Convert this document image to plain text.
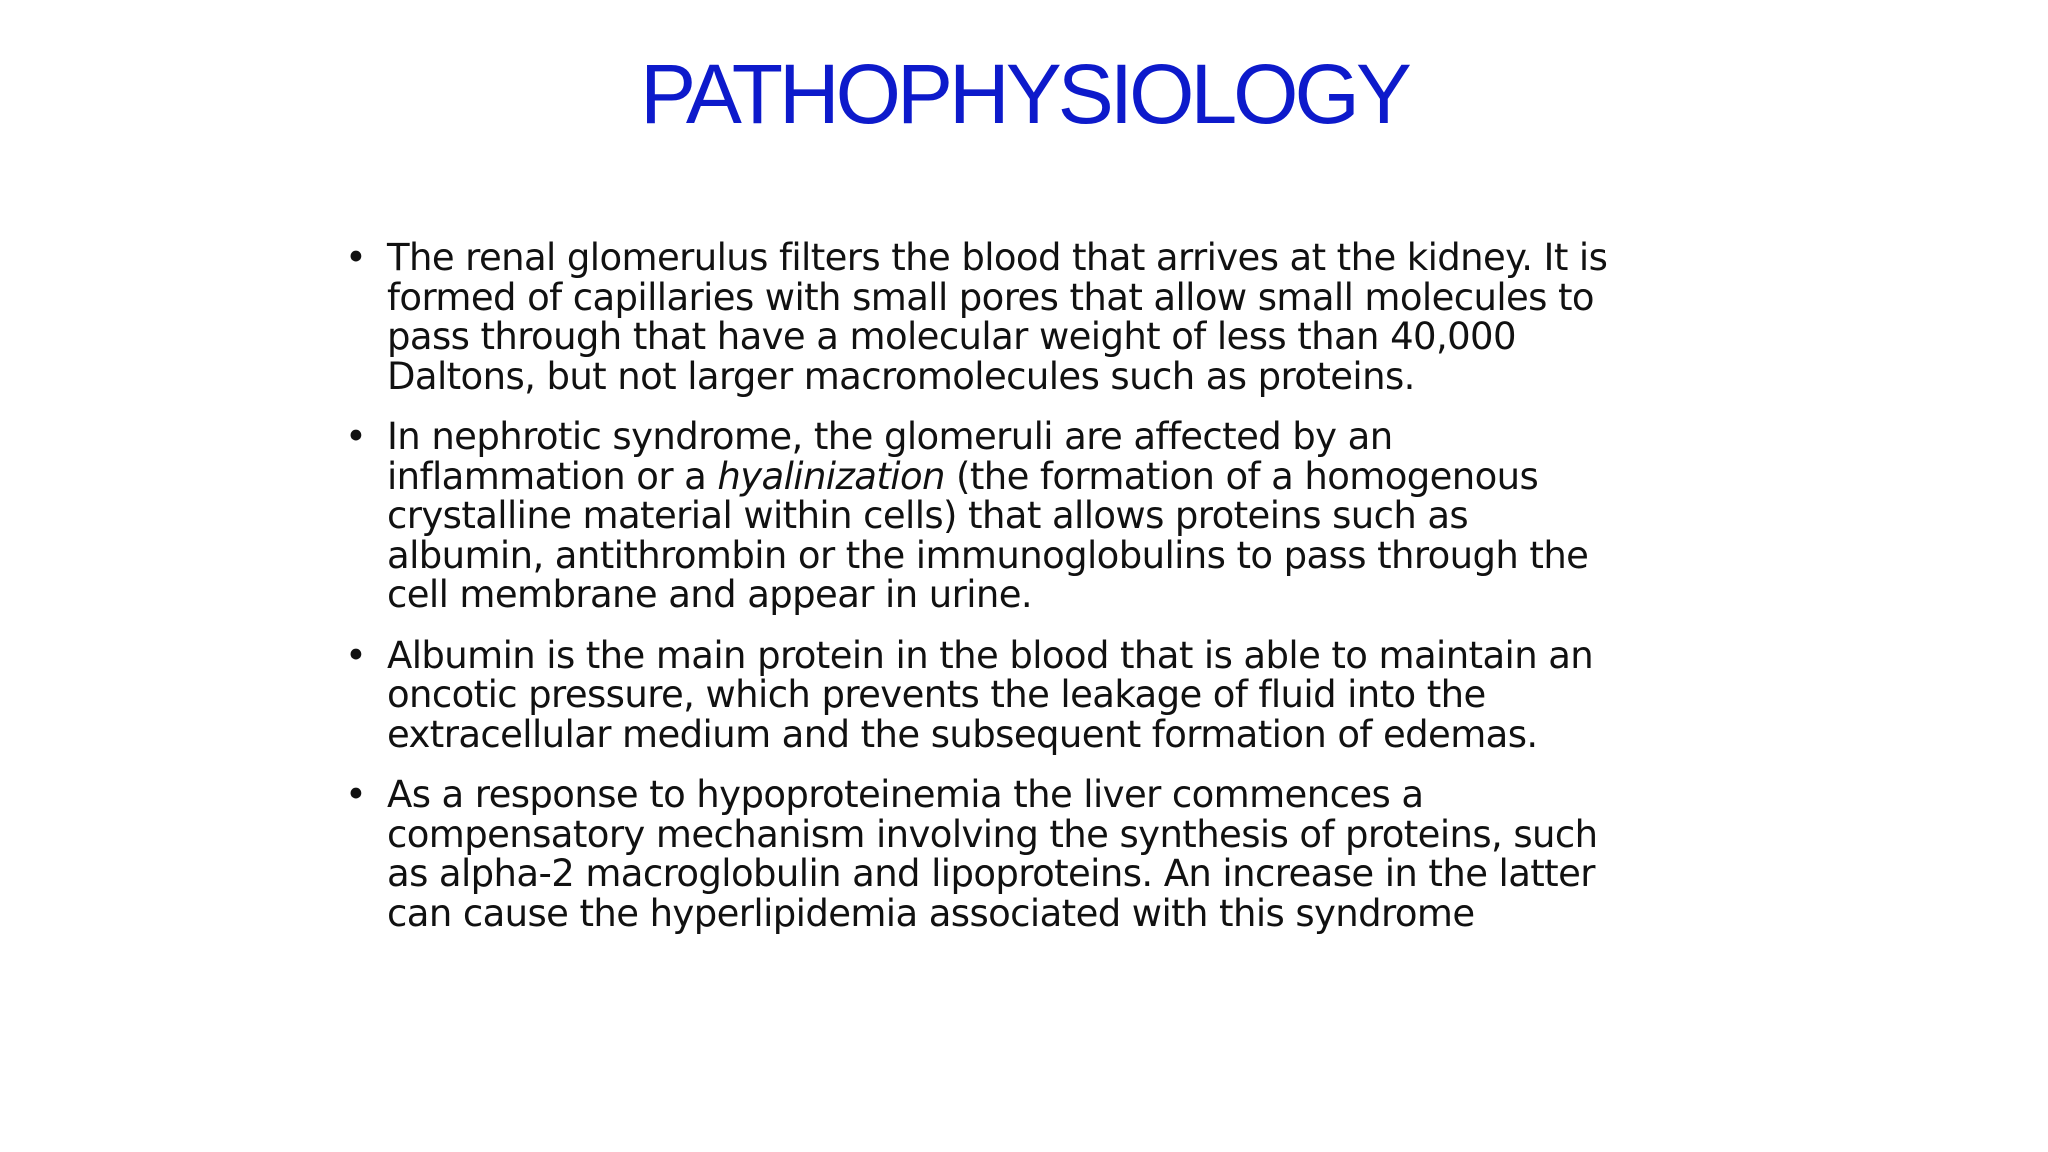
PATHOPHYSIOLOGY
• The renal glomerulus filters the blood that arrives at the kidney. It is
formed of capillaries with small pores that allow small molecules to
pass through that have a molecular weight of less than 40,000
Daltons, but not larger macromolecules such as proteins.
• In nephrotic syndrome, the glomeruli are affected by an
inflammation or a hyalinization (the formation of a homogenous
crystalline material within cells) that allows proteins such as
albumin, antithrombin or the immunoglobulins to pass through the
cell membrane and appear in urine.
• Albumin is the main protein in the blood that is able to maintain an
oncotic pressure, which prevents the leakage of fluid into the
extracellular medium and the subsequent formation of edemas.
• As a response to hypoproteinemia the liver commences a
compensatory mechanism involving the synthesis of proteins, such
as alpha-2 macroglobulin and lipoproteins. An increase in the latter
can cause the hyperlipidemia associated with this syndrome
